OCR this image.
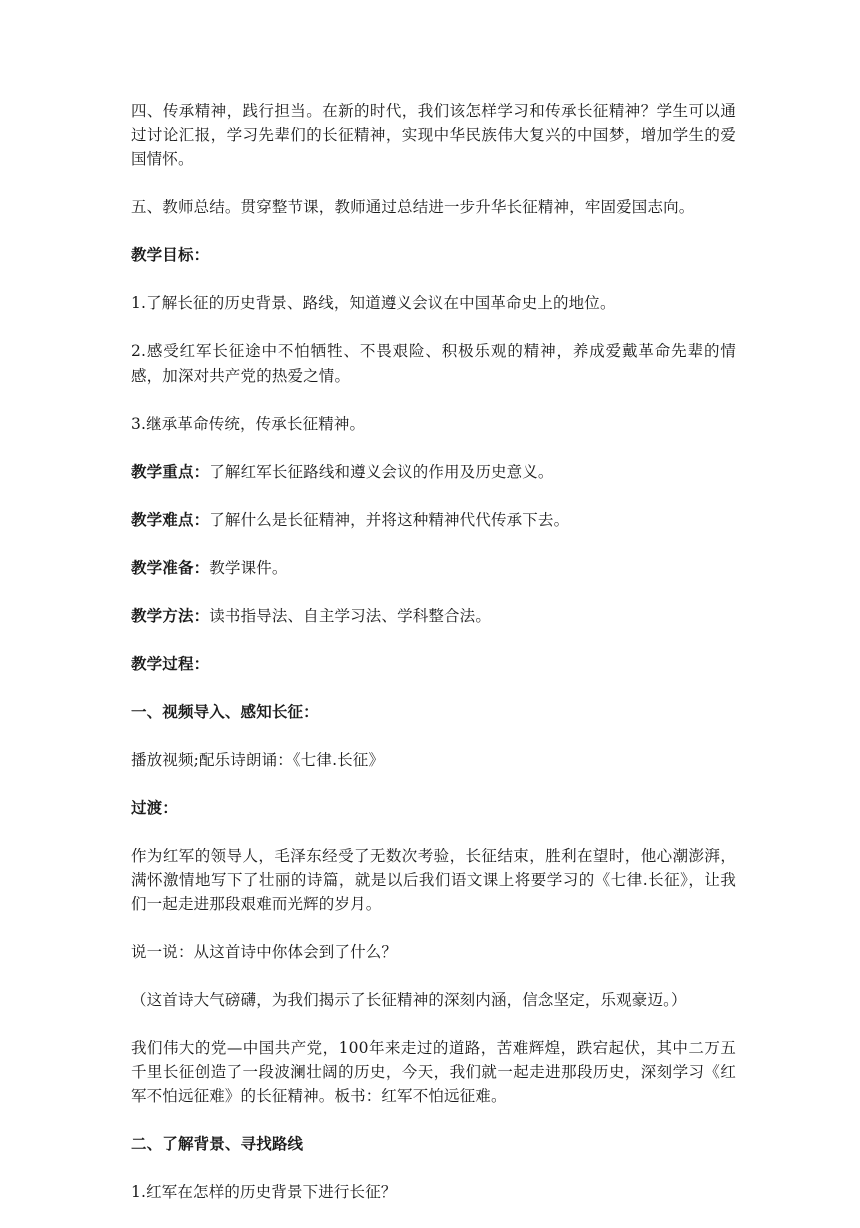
四、传承精神，践行担当。在新的时代，我们该怎样学习和传承长征精神？学生可以通过讨论汇报，学习先辈们的长征精神，实现中华民族伟大复兴的中国梦，增加学生的爱国情怀。

五、教师总结。贯穿整节课，教师通过总结进一步升华长征精神，牢固爱国志向。

教学目标：

1.了解长征的历史背景、路线，知道遵义会议在中国革命史上的地位。

2.感受红军长征途中不怕牺牲、不畏艰险、积极乐观的精神，养成爱戴革命先辈的情感，加深对共产党的热爱之情。

3.继承革命传统，传承长征精神。

教学重点：了解红军长征路线和遵义会议的作用及历史意义。

教学难点：了解什么是长征精神，并将这种精神代代传承下去。

教学准备：教学课件。

教学方法：读书指导法、自主学习法、学科整合法。

教学过程：

一、视频导入、感知长征：

播放视频;配乐诗朗诵：《七律.长征》

过渡：

作为红军的领导人，毛泽东经受了无数次考验，长征结束，胜利在望时，他心潮澎湃，满怀激情地写下了壮丽的诗篇，就是以后我们语文课上将要学习的《七律.长征》，让我们一起走进那段艰难而光辉的岁月。

说一说：从这首诗中你体会到了什么？

（这首诗大气磅礴，为我们揭示了长征精神的深刻内涵，信念坚定，乐观豪迈。）

我们伟大的党—中国共产党，100年来走过的道路，苦难辉煌，跌宕起伏，其中二万五千里长征创造了一段波澜壮阔的历史，今天，我们就一起走进那段历史，深刻学习《红军不怕远征难》的长征精神。板书：红军不怕远征难。

二、了解背景、寻找路线

1.红军在怎样的历史背景下进行长征？
